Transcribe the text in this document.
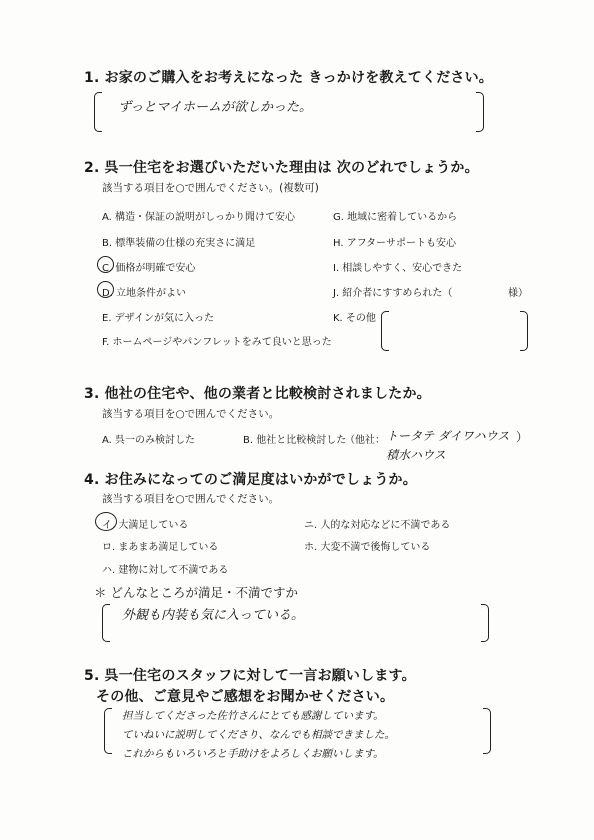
1. お家のご購入をお考えになった きっかけを教えてください。
ずっとマイホームが欲しかった。
2. 呉一住宅をお選びいただいた理由は 次のどれでしょうか。
該当する項目を○で囲んでください。(複数可)
A. 構造・保証の説明がしっかり聞けて安心
B. 標準装備の仕様の充実さに満足
C. 価格が明確で安心
D. 立地条件がよい
E. デザインが気に入った
F. ホームページやパンフレットをみて良いと思った
G. 地域に密着しているから
H. アフターサポートも安心
I. 相談しやすく、安心できた
J. 紹介者にすすめられた（	様）
K. その他
3. 他社の住宅や、他の業者と比較検討されましたか。
該当する項目を○で囲んでください。
A. 呉一のみ検討した	B. 他社と比較検討した
（他社： トータテ ダイワハウス
積水ハウス
）
4. お住みになってのご満足度はいかがでしょうか。
該当する項目を○で囲んでください。
イ. 大満足している
ロ. まあまあ満足している
ハ. 建物に対して不満である
ニ. 人的な対応などに不満である
ホ. 大変不満で後悔している
＊ どんなところが満足・不満ですか
外観も内装も気に入っている。
5. 呉一住宅のスタッフに対して一言お願いします。
その他、ご意見やご感想をお聞かせください。
担当してくださった佐竹さんにとても感謝しています。
ていねいに説明してくださり、なんでも相談できました。
これからもいろいろと手助けをよろしくお願いします。
